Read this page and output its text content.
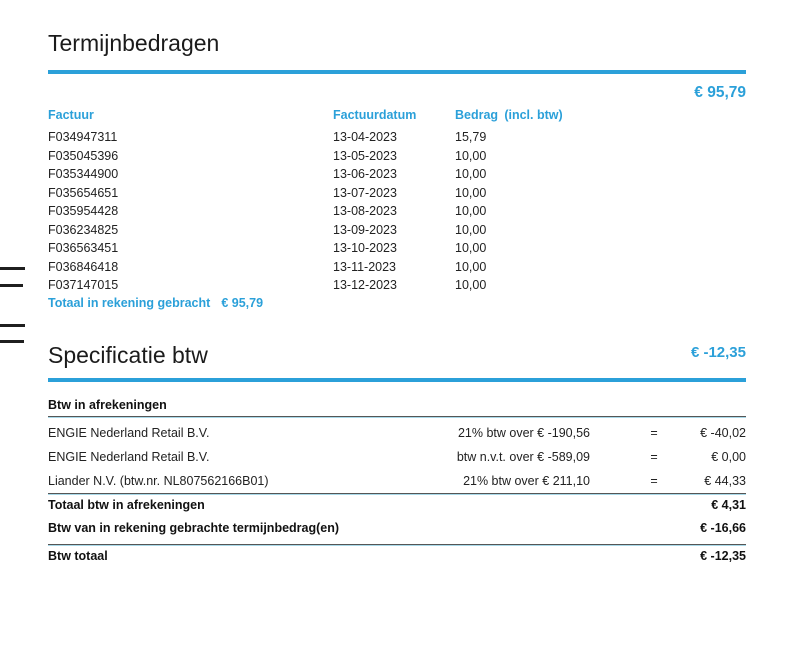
Termijnbedragen
€ 95,79
Factuur	Factuurdatum	Bedrag (incl. btw)
F034947311	13-04-2023	15,79
F035045396	13-05-2023	10,00
F035344900	13-06-2023	10,00
F035654651	13-07-2023	10,00
F035954428	13-08-2023	10,00
F036234825	13-09-2023	10,00
F036563451	13-10-2023	10,00
F036846418	13-11-2023	10,00
F037147015	13-12-2023	10,00
Totaal in rekening gebracht € 95,79
Specificatie btw	€ -12,35
Btw in afrekeningen
ENGIE Nederland Retail B.V.	21% btw over € -190,56	=	€ -40,02
ENGIE Nederland Retail B.V.	btw n.v.t. over € -589,09	=	€ 0,00
Liander N.V. (btw.nr. NL807562166B01)	21% btw over € 211,10	=	€ 44,33
Totaal btw in afrekeningen	€ 4,31
Btw van in rekening gebrachte termijnbedrag(en)	€ -16,66
Btw totaal	€ -12,35
